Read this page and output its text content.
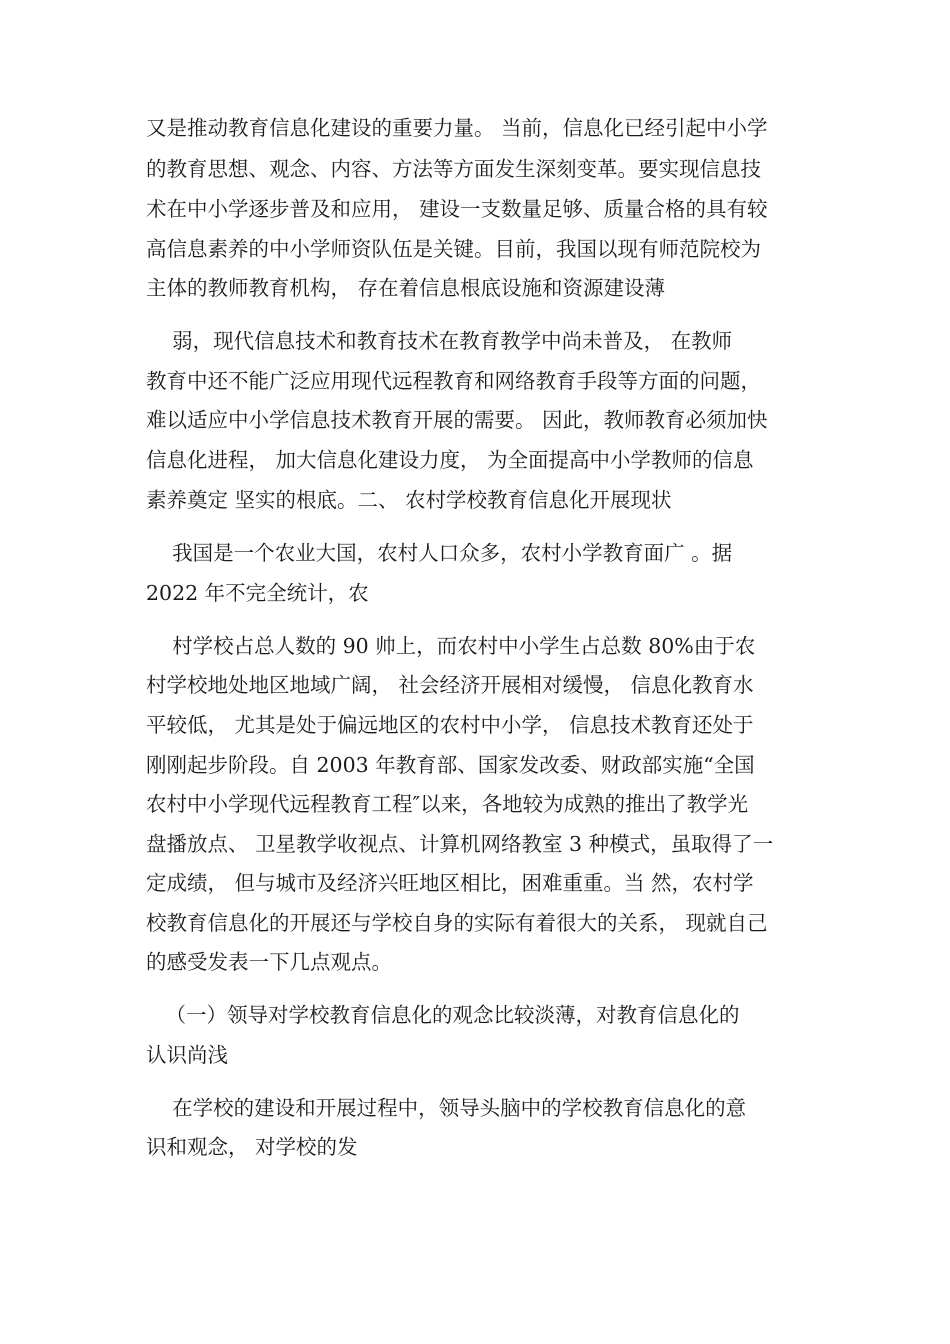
又是推动教育信息化建设的重要力量。 当前，信息化已经引起中小学

的教育思想、观念、内容、方法等方面发生深刻变革。要实现信息技

术在中小学逐步普及和应用， 建设一支数量足够、质量合格的具有较

高信息素养的中小学师资队伍是关键。目前，我国以现有师范院校为

主体的教师教育机构， 存在着信息根底设施和资源建设薄

弱，现代信息技术和教育技术在教育教学中尚未普及， 在教师

教育中还不能广泛应用现代远程教育和网络教育手段等方面的问题，

难以适应中小学信息技术教育开展的需要。 因此，教师教育必须加快

信息化进程， 加大信息化建设力度， 为全面提高中小学教师的信息

素养奠定 坚实的根底。二、 农村学校教育信息化开展现状

我国是一个农业大国，农村人口众多，农村小学教育面广 。据

2022 年不完全统计，农

村学校占总人数的 90 帅上，而农村中小学生占总数 80%由于农

村学校地处地区地域广阔， 社会经济开展相对缓慢， 信息化教育水

平较低， 尤其是处于偏远地区的农村中小学， 信息技术教育还处于

刚刚起步阶段。自 2003 年教育部、国家发改委、财政部实施“全国

农村中小学现代远程教育工程″以来，各地较为成熟的推出了教学光

盘播放点、 卫星教学收视点、计算机网络教室 3 种模式，虽取得了一

定成绩， 但与城市及经济兴旺地区相比，困难重重。当 然，农村学

校教育信息化的开展还与学校自身的实际有着很大的关系， 现就自己

的感受发表一下几点观点。

（一）领导对学校教育信息化的观念比较淡薄，对教育信息化的

认识尚浅

在学校的建设和开展过程中，领导头脑中的学校教育信息化的意

识和观念， 对学校的发
